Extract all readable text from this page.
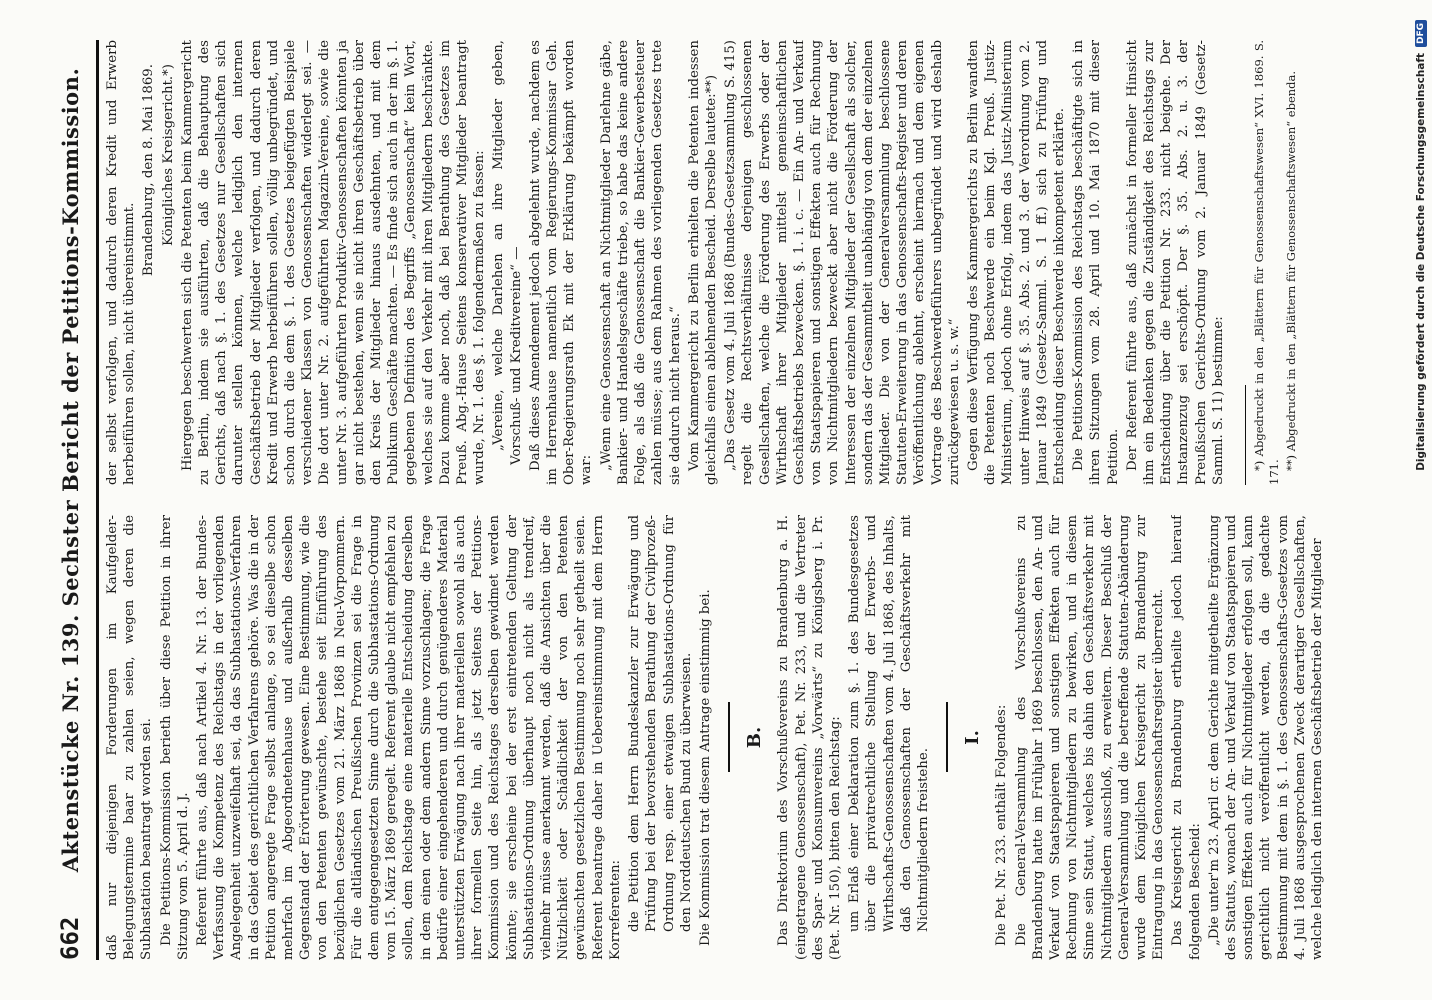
662
Aktenstücke Nr. 139. Sechster Bericht der Petitions-Kommission. daß nur diejenigen Forderungen im Kaufgelder-Belegungstermine baar zu zahlen seien, wegen deren die Subhastation beantragt worden sei. Die Petitions-Kommission berieth über diese Petition in ihrer Sitzung vom 5. April d. J. Referent führte aus, daß nach Artikel 4. Nr. 13. der Bundes-Verfassung die Kompetenz des Reichstags in der vorliegenden Angelegenheit unzweifelhaft sei, da das Subhastations-Verfahren in das Gebiet des gerichtlichen Verfahrens gehöre. Was die in der Petition angeregte Frage selbst anlange, so sei dieselbe schon mehrfach im Abgeordnetenhause und außerhalb desselben Gegenstand der Erörterung gewesen. Eine Bestimmung, wie die von den Petenten gewünschte, bestehe seit Einführung des bezüglichen Gesetzes vom 21. März 1868 in Neu-Vorpommern. Für die altländischen Preußischen Provinzen sei die Frage in dem entgegengesetzten Sinne durch die Subhastations-Ordnung vom 15. März 1869 geregelt. Referent glaube nicht empfehlen zu sollen, dem Reichstage eine materielle Entscheidung derselben in dem einen oder dem andern Sinne vorzuschlagen; die Frage bedürfe einer eingehenderen und durch genügenderes Material unterstützten Erwägung nach ihrer materiellen sowohl als auch ihrer formellen Seite hin, als jetzt Seitens der Petitions-Kommission und des Reichstages derselben gewidmet werden könnte; sie erscheine bei der erst eintretenden Geltung der Subhastations-Ordnung überhaupt noch nicht als trendreif, vielmehr müsse anerkannt werden, daß die Ansichten über die Nützlichkeit oder Schädlichkeit der von den Petenten gewünschten gesetzlichen Bestimmung noch sehr getheilt seien. Referent beantrage daher in Uebereinstimmung mit dem Herrn Korreferenten: die Petition dem Herrn Bundeskanzler zur Erwägung und Prüfung bei der bevorstehenden Berathung der Civilprozeß-Ordnung resp. einer etwaigen Subhastations-Ordnung für den Norddeutschen Bund zu überweisen. Die Kommission trat diesem Antrage einstimmig bei. B. Das Direktorium des Vorschußvereins zu Brandenburg a. H. (eingetragene Genossenschaft), Pet. Nr. 233, und die Vertreter des Spar- und Konsumvereins „Vorwärts“ zu Königsberg i. Pr. (Pet. Nr. 150), bitten den Reichstag: um Erlaß einer Deklaration zum §. 1. des Bundesgesetzes über die privatrechtliche Stellung der Erwerbs- und Wirthschafts-Genossenschaften vom 4. Juli 1868, des Inhalts, daß den Genossenschaften der Geschäftsverkehr mit Nichtmitgliedern freistehe.

I. Die Pet. Nr. 233. enthält Folgendes: Die General-Versammlung des Vorschußvereins zu Brandenburg hatte im Frühjahr 1869 beschlossen, den An- und Verkauf von Staatspapieren und sonstigen Effekten auch für Rechnung von Nichtmitgliedern zu bewirken, und in diesem Sinne sein Statut, welches bis dahin den Geschäftsverkehr mit Nichtmitgliedern ausschloß, zu erweitern. Dieser Beschluß der General-Versammlung und die betreffende Statuten-Abänderung wurde dem Königlichen Kreisgericht zu Brandenburg zur Eintragung in das Genossenschaftsregister überreicht. Das Kreisgericht zu Brandenburg ertheilte jedoch hierauf folgenden Bescheid: „Die unter'm 23. April cr. dem Gerichte mitgetheilte Ergänzung des Statuts, wonach der An- und Verkauf von Staatspapieren und sonstigen Effekten auch für Nichtmitglieder erfolgen soll, kann gerichtlich nicht veröffentlicht werden, da die gedachte Bestimmung mit dem in §. 1. des Genossenschafts-Gesetzes vom 4. Juli 1868 ausgesprochenen Zweck derartiger Gesellschaften, welche lediglich den internen Geschäftsbetrieb der Mitglieder

der selbst verfolgen, und dadurch deren Kredit und Erwerb herbeiführen sollen, nicht übereinstimmt.

Brandenburg, den 8. Mai 1869. Königliches Kreisgericht.*) Hiergegen beschwerten sich die Petenten beim Kammergericht zu Berlin, indem sie ausführten, daß die Behauptung des Gerichts, daß nach §. 1. des Gesetzes nur Gesellschaften sich darunter stellen können, welche lediglich den internen Geschäftsbetrieb der Mitglieder verfolgen, und dadurch deren Kredit und Erwerb herbeiführen sollen, völlig unbegründet, und schon durch die dem §. 1. des Gesetzes beigefügten Beispiele verschiedener Klassen von Genossenschaften widerlegt sei. — Die dort unter Nr. 2. aufgeführten Magazin-Vereine, sowie die unter Nr. 3. aufgeführten Produktiv-Genossenschaften könnten ja gar nicht bestehen, wenn sie nicht ihren Geschäftsbetrieb über den Kreis der Mitglieder hinaus ausdehnten, und mit dem Publikum Geschäfte machten. — Es finde sich auch in der im §. 1. gegebenen Definition des Begriffs „Genossenschaft“ kein Wort, welches sie auf den Verkehr mit ihren Mitgliedern beschränkte. Dazu komme aber noch, daß bei Berathung des Gesetzes im Preuß. Abg.-Hause Seitens konservativer Mitglieder beantragt wurde, Nr. 1. des §. 1. folgendermaßen zu fassen: „Vereine, welche Darlehen an ihre Mitglieder geben, Vorschuß- und Kreditvereine“ — Daß dieses Amendement jedoch abgelehnt wurde, nachdem es im Herrenhause namentlich vom Regierungs-Kommissar Geh. Ober-Regierungsrath Ek mit der Erklärung bekämpft worden war: „Wenn eine Genossenschaft an Nichtmitglieder Darlehne gäbe, Bankier- und Handelsgeschäfte triebe, so habe das keine andere Folge, als daß die Genossenschaft die Bankier-Gewerbesteuer zahlen müsse; aus dem Rahmen des vorliegenden Gesetzes trete sie dadurch nicht heraus.“ Vom Kammergericht zu Berlin erhielten die Petenten indessen gleichfalls einen ablehnenden Bescheid. Derselbe lautete:**) „Das Gesetz vom 4. Juli 1868 (Bundes-Gesetzsammlung S. 415) regelt die Rechtsverhältnisse derjenigen geschlossenen Gesellschaften, welche die Förderung des Erwerbs oder der Wirthschaft ihrer Mitglieder mittelst gemeinschaftlichen Geschäftsbetriebs bezwecken. §. 1. i. c. — Ein An- und Verkauf von Staatspapieren und sonstigen Effekten auch für Rechnung von Nichtmitgliedern bezweckt aber nicht die Förderung der Interessen der einzelnen Mitglieder der Gesellschaft als solcher, sondern das der Gesammtheit unabhängig von dem der einzelnen Mitglieder. Die von der Generalversammlung beschlossene Statuten-Erweiterung in das Genossenschafts-Register und deren Veröffentlichung ablehnt, erscheint hiernach und dem eigenen Vortrage des Beschwerdeführers unbegründet und wird deshalb zurückgewiesen u. s. w.“ Gegen diese Verfügung des Kammergerichts zu Berlin wandten die Petenten noch Beschwerde ein beim Kgl. Preuß. Justiz-Ministerium, jedoch ohne Erfolg, indem das Justiz-Ministerium unter Hinweis auf §. 35. Abs. 2. und 3. der Verordnung vom 2. Januar 1849 (Gesetz-Samml. S. 1 ff.) sich zu Prüfung und Entscheidung dieser Beschwerde inkompetent erklärte. Die Petitions-Kommission des Reichstags beschäftigte sich in ihren Sitzungen vom 28. April und 10. Mai 1870 mit dieser Petition. Der Referent führte aus, daß zunächst in formeller Hinsicht ihm ein Bedenken gegen die Zuständigkeit des Reichstags zur Entscheidung über die Petition Nr. 233. nicht beigehe. Der Instanzenzug sei erschöpft. Der §. 35. Abs. 2. u. 3. der Preußischen Gerichts-Ordnung vom 2. Januar 1849 (Gesetz-Samml. S. 11) bestimme: *) Abgedruckt in den „Blättern für Genossenschaftswesen“ XVI. 1869. S. 171.

**) Abgedruckt in den „Blättern für Genossenschaftswesen“ ebenda.	Digitalisierung gefördert durch die Deutsche Forschungsgemeinschaft
DFG
